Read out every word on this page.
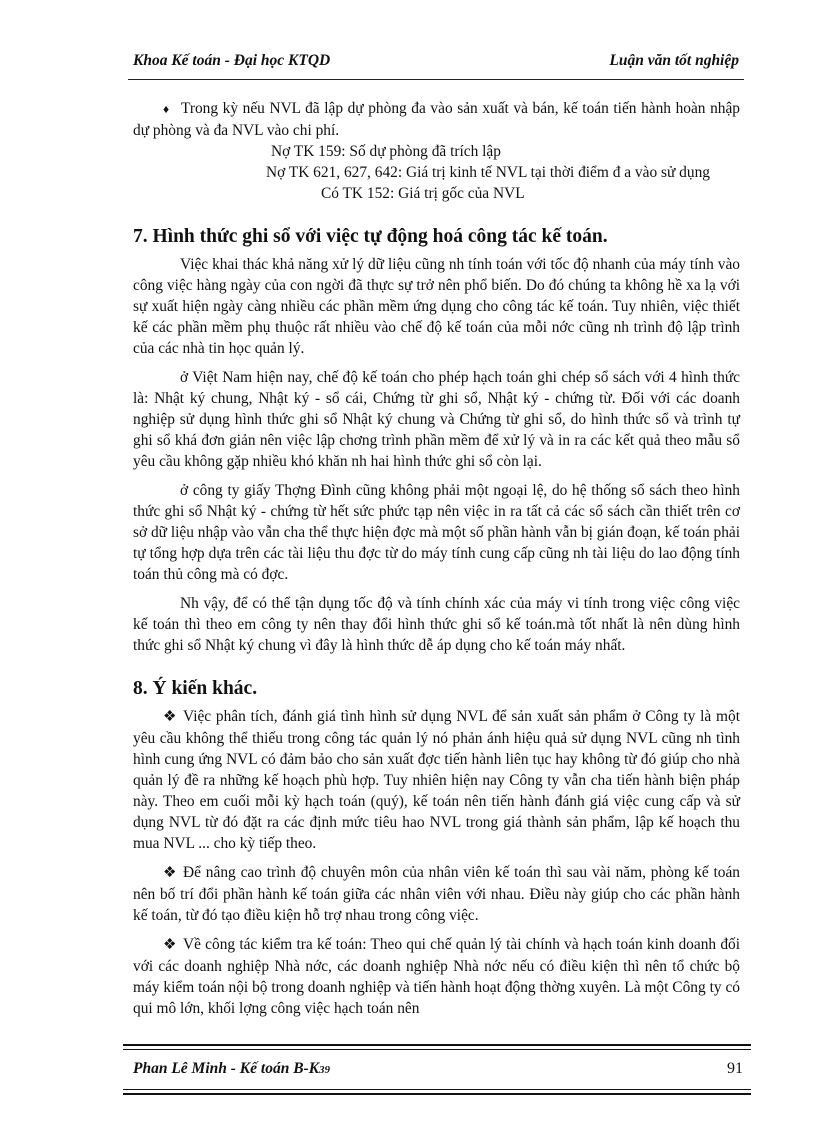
Khoa Kế toán - Đại học KTQD	Luận văn tốt nghiệp

♦ Trong kỳ nếu NVL đã lập dự phòng đa vào sản xuất và bán, kế toán tiến hành hoàn nhập dự phòng và đa NVL vào chi phí.

Nợ TK 159: Số dự phòng đã trích lập
Nợ TK 621, 627, 642: Giá trị kinh tế NVL tại thời điểm đ a vào sử dụng
Có TK 152: Giá trị gốc của NVL
7. Hình thức ghi sổ với việc tự động hoá công tác kế toán.

Việc khai thác khả năng xử lý dữ liệu cũng nh tính toán với tốc độ nhanh của máy tính vào công việc hàng ngày của con ngời đã thực sự trở nên phổ biến. Do đó chúng ta không hề xa lạ với sự xuất hiện ngày càng nhiều các phần mềm ứng dụng cho công tác kế toán. Tuy nhiên, việc thiết kế các phần mềm phụ thuộc rất nhiều vào chế độ kế toán của mỗi nớc cũng nh trình độ lập trình của các nhà tin học quản lý.

ở Việt Nam hiện nay, chế độ kế toán cho phép hạch toán ghi chép sổ sách với 4 hình thức là: Nhật ký chung, Nhật ký - sổ cái, Chứng từ ghi sổ, Nhật ký - chứng từ. Đối với các doanh nghiệp sử dụng hình thức ghi sổ Nhật ký chung và Chứng từ ghi sổ, do hình thức sổ và trình tự ghi sổ khá đơn giản nên việc lập chơng trình phần mềm để xử lý và in ra các kết quả theo mẫu sổ yêu cầu không gặp nhiều khó khăn nh hai hình thức ghi sổ còn lại.

ở công ty giấy Thợng Đình cũng không phải một ngoại lệ, do hệ thống sổ sách theo hình thức ghi sổ Nhật ký - chứng từ hết sức phức tạp nên việc in ra tất cả các sổ sách cần thiết trên cơ sở dữ liệu nhập vào vẫn cha thể thực hiện đợc mà một số phần hành vẫn bị gián đoạn, kế toán phải tự tổng hợp dựa trên các tài liệu thu đợc từ do máy tính cung cấp cũng nh tài liệu do lao động tính toán thủ công mà có đợc.

Nh vậy, để có thể tận dụng tốc độ và tính chính xác của máy vi tính trong việc công việc kế toán thì theo em công ty nên thay đổi hình thức ghi sổ kế toán.mà tốt nhất là nên dùng hình thức ghi sổ Nhật ký chung vì đây là hình thức dễ áp dụng cho kế toán máy nhất.

8. Ý kiến khác.

❖ Việc phân tích, đánh giá tình hình sử dụng NVL để sản xuất sản phẩm ở Công ty là một yêu cầu không thể thiếu trong công tác quản lý nó phản ánh hiệu quả sử dụng NVL cũng nh tình hình cung ứng NVL có đảm bảo cho sản xuất đợc tiến hành liên tục hay không từ đó giúp cho nhà quản lý đề ra những kế hoạch phù hợp. Tuy nhiên hiện nay Công ty vẫn cha tiến hành biện pháp này. Theo em cuối mỗi kỳ hạch toán (quý), kế toán nên tiến hành đánh giá việc cung cấp và sử dụng NVL từ đó đặt ra các định mức tiêu hao NVL trong giá thành sản phẩm, lập kế hoạch thu mua NVL ... cho kỳ tiếp theo.

❖ Để nâng cao trình độ chuyên môn của nhân viên kế toán thì sau vài năm, phòng kế toán nên bố trí đổi phần hành kế toán giữa các nhân viên với nhau. Điều này giúp cho các phần hành kế toán, từ đó tạo điều kiện hỗ trợ nhau trong công việc.

❖ Về công tác kiểm tra kế toán: Theo qui chế quản lý tài chính và hạch toán kinh doanh đối với các doanh nghiệp Nhà nớc, các doanh nghiệp Nhà nớc nếu có điều kiện thì nên tổ chức bộ máy kiểm toán nội bộ trong doanh nghiệp và tiến hành hoạt động thờng xuyên. Là một Công ty có qui mô lớn, khối lợng công việc hạch toán nên

Phan Lê Minh - Kế toán B-K39	91
